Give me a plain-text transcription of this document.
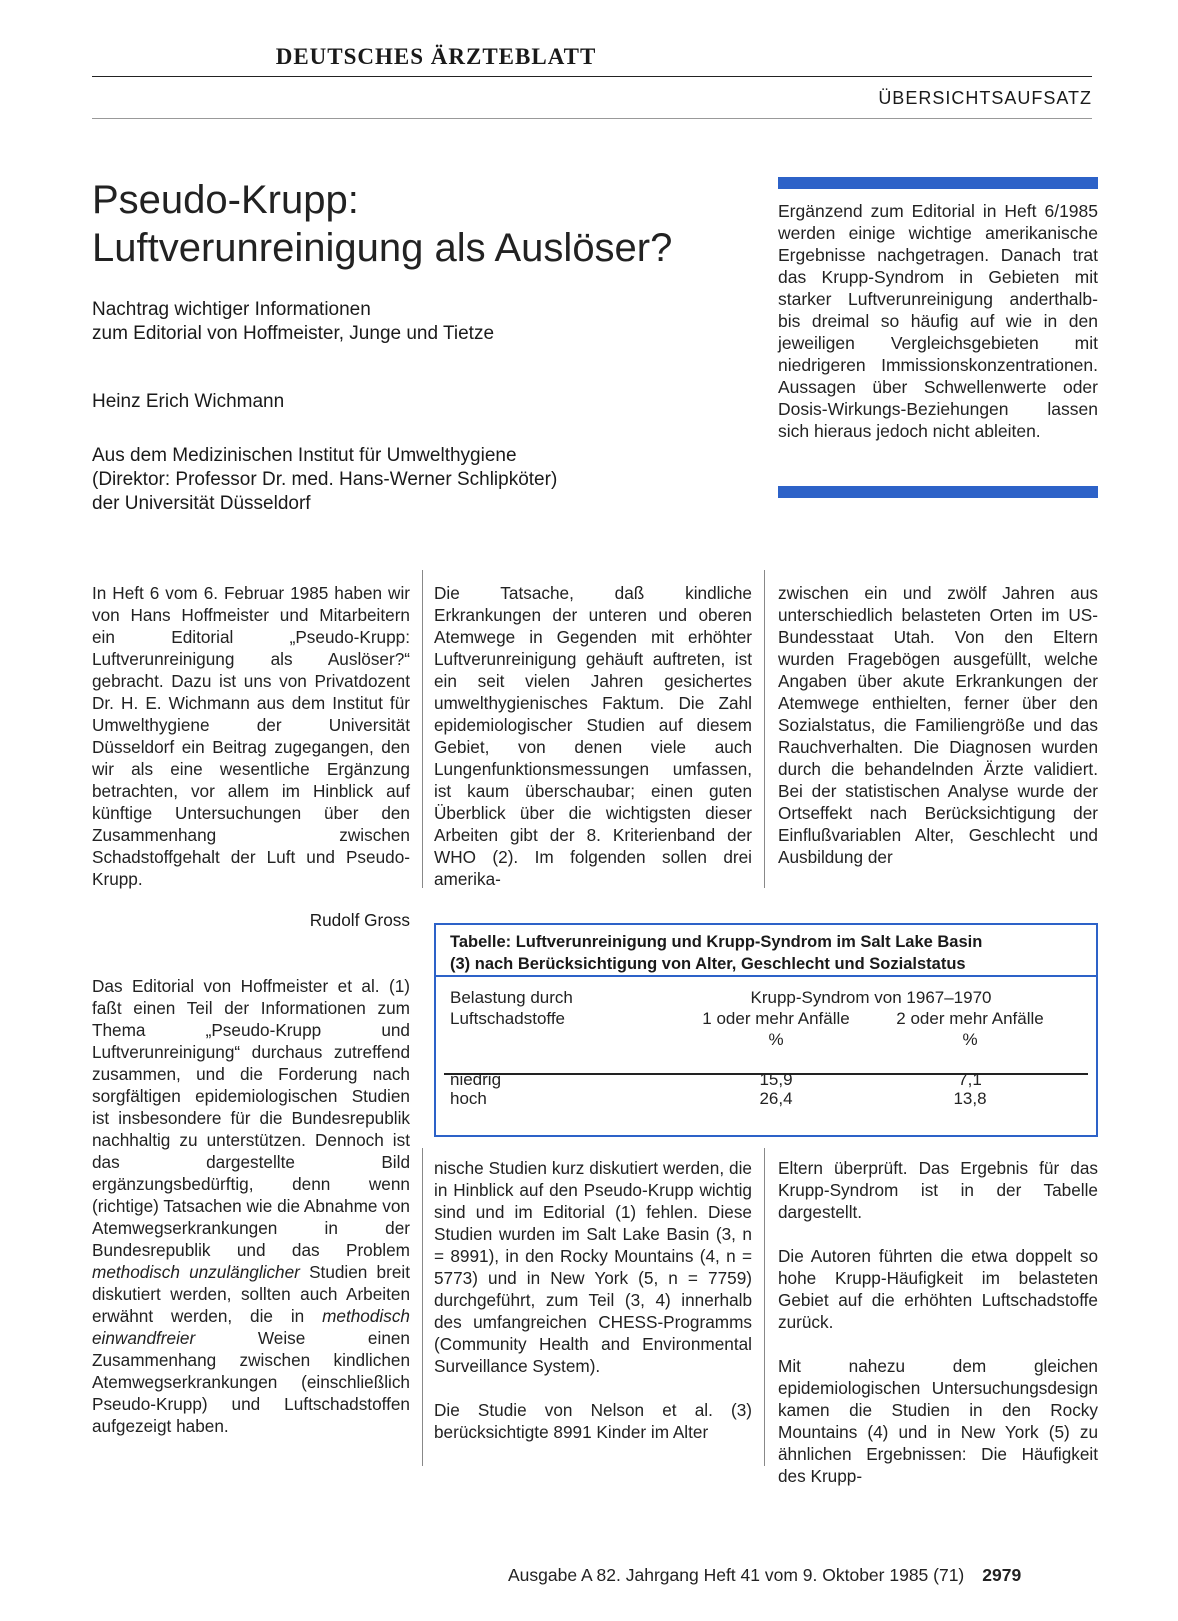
DEUTSCHES ÄRZTEBLATT
ÜBERSICHTSAUFSATZ
Pseudo-Krupp:
Luftverunreinigung als Auslöser?
Nachtrag wichtiger Informationen
zum Editorial von Hoffmeister, Junge und Tietze
Heinz Erich Wichmann
Aus dem Medizinischen Institut für Umwelthygiene
(Direktor: Professor Dr. med. Hans-Werner Schlipköter)
der Universität Düsseldorf
Ergänzend zum Editorial in Heft 6/1985 werden einige wichtige amerikanische Ergebnisse nachgetragen. Danach trat das Krupp-Syndrom in Gebieten mit starker Luftverunreinigung anderthalb- bis dreimal so häufig auf wie in den jeweiligen Vergleichsgebieten mit niedrigeren Immissionskonzentrationen. Aussagen über Schwellenwerte oder Dosis-Wirkungs-Beziehungen lassen sich hieraus jedoch nicht ableiten.
In Heft 6 vom 6. Februar 1985 haben wir von Hans Hoffmeister und Mitarbeitern ein Editorial „Pseudo-Krupp: Luftverunreinigung als Auslöser?“ gebracht. Dazu ist uns von Privatdozent Dr. H. E. Wichmann aus dem Institut für Umwelthygiene der Universität Düsseldorf ein Beitrag zugegangen, den wir als eine wesentliche Ergänzung betrachten, vor allem im Hinblick auf künftige Untersuchungen über den Zusammenhang zwischen Schadstoffgehalt der Luft und Pseudo-Krupp.
Rudolf Gross
Das Editorial von Hoffmeister et al. (1) faßt einen Teil der Informationen zum Thema „Pseudo-Krupp und Luftverunreinigung“ durchaus zutreffend zusammen, und die Forderung nach sorgfältigen epidemiologischen Studien ist insbesondere für die Bundesrepublik nachhaltig zu unterstützen. Dennoch ist das dargestellte Bild ergänzungsbedürftig, denn wenn (richtige) Tatsachen wie die Abnahme von Atemwegserkrankungen in der Bundesrepublik und das Problem methodisch unzulänglicher Studien breit diskutiert werden, sollten auch Arbeiten erwähnt werden, die in methodisch einwandfreier	Weise einen Zusammenhang zwischen kindlichen Atemwegserkrankungen (einschließlich Pseudo-Krupp) und Luftschadstoffen aufgezeigt haben.
Die Tatsache, daß kindliche Erkrankungen der unteren und oberen Atemwege in Gegenden mit erhöhter Luftverunreinigung gehäuft auftreten, ist ein seit vielen Jahren gesichertes umwelthygienisches Faktum. Die Zahl epidemiologischer Studien auf diesem Gebiet, von denen viele auch Lungenfunktionsmessungen umfassen, ist kaum überschaubar; einen guten Überblick über die wichtigsten dieser Arbeiten gibt der 8. Kriterienband der WHO (2). Im folgenden sollen drei amerika-
zwischen ein und zwölf Jahren aus unterschiedlich belasteten Orten im US-Bundesstaat Utah. Von den Eltern wurden Fragebögen ausgefüllt, welche Angaben über akute Erkrankungen der Atemwege enthielten, ferner über den Sozialstatus, die Familiengröße und das Rauchverhalten. Die Diagnosen wurden durch die behandelnden Ärzte validiert. Bei der statistischen Analyse wurde der Ortseffekt nach Berücksichtigung der Einflußvariablen Alter, Geschlecht und Ausbildung der
Tabelle: Luftverunreinigung und Krupp-Syndrom im Salt Lake Basin
(3) nach Berücksichtigung von Alter, Geschlecht und Sozialstatus
Belastung durch
Luftschadstoffe
Krupp-Syndrom von 1967–1970
1 oder mehr Anfälle	2 oder mehr Anfälle
%	%
niedrig	15,9	7,1
hoch	26,4	13,8

nische Studien kurz diskutiert werden, die in Hinblick auf den Pseudo-Krupp wichtig sind und im Editorial (1) fehlen. Diese Studien wurden im Salt Lake Basin (3, n = 8991), in den Rocky Mountains (4, n = 5773) und in New York (5, n = 7759) durchgeführt, zum Teil (3, 4) innerhalb des umfangreichen CHESS-Programms (Community Health and Environmental Surveillance System).

Die Studie von Nelson et al. (3) berücksichtigte 8991 Kinder im Alter

Eltern überprüft. Das Ergebnis für das Krupp-Syndrom ist in der Tabelle dargestellt.

Die Autoren führten die etwa doppelt so hohe Krupp-Häufigkeit im belasteten Gebiet auf die erhöhten Luftschadstoffe zurück.

Mit nahezu dem gleichen epidemiologischen Untersuchungsdesign kamen die Studien in den Rocky Mountains (4) und in New York (5) zu ähnlichen Ergebnissen: Die Häufigkeit des Krupp-

Ausgabe A 82. Jahrgang Heft 41 vom 9. Oktober 1985 (71) 2979
